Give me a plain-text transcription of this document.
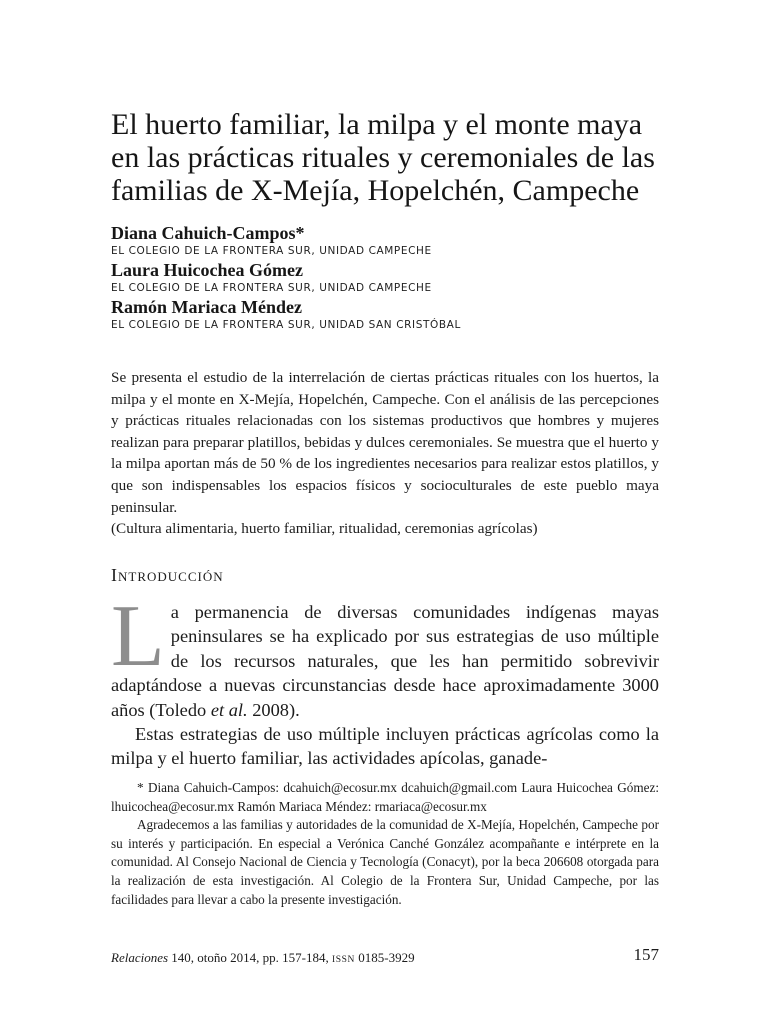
El huerto familiar, la milpa y el monte maya en las prácticas rituales y ceremoniales de las familias de X-Mejía, Hopelchén, Campeche
Diana Cahuich-Campos*
EL COLEGIO DE LA FRONTERA SUR, UNIDAD CAMPECHE
Laura Huicochea Gómez
EL COLEGIO DE LA FRONTERA SUR, UNIDAD CAMPECHE
Ramón Mariaca Méndez
EL COLEGIO DE LA FRONTERA SUR, UNIDAD SAN CRISTÓBAL

Se presenta el estudio de la interrelación de ciertas prácticas rituales con los huertos, la milpa y el monte en X-Mejía, Hopelchén, Campeche. Con el análisis de las percepciones y prácticas rituales relacionadas con los sistemas productivos que hombres y mujeres realizan para preparar platillos, bebidas y dulces ceremoniales. Se muestra que el huerto y la milpa aportan más de 50 % de los ingredientes necesarios para realizar estos platillos, y que son indispensables los espacios físicos y socioculturales de este pueblo maya peninsular.

(Cultura alimentaria, huerto familiar, ritualidad, ceremonias agrícolas)

Introducción

La permanencia de diversas comunidades indígenas mayas peninsulares se ha explicado por sus estrategias de uso múltiple de los recursos naturales, que les han permitido sobrevivir adaptándose a nuevas circunstancias desde hace aproximadamente 3000 años (Toledo et al. 2008).

Estas estrategias de uso múltiple incluyen prácticas agrícolas como la milpa y el huerto familiar, las actividades apícolas, ganade-

* Diana Cahuich-Campos: dcahuich@ecosur.mx dcahuich@gmail.com Laura Huicochea Gómez: lhuicochea@ecosur.mx Ramón Mariaca Méndez: rmariaca@ecosur.mx

Agradecemos a las familias y autoridades de la comunidad de X-Mejía, Hopelchén, Campeche por su interés y participación. En especial a Verónica Canché González acompañante e intérprete en la comunidad. Al Consejo Nacional de Ciencia y Tecnología (Conacyt), por la beca 206608 otorgada para la realización de esta investigación. Al Colegio de la Frontera Sur, Unidad Campeche, por las facilidades para llevar a cabo la presente investigación.

Relaciones 140, otoño 2014, pp. 157-184, ISSN 0185-3929	157
